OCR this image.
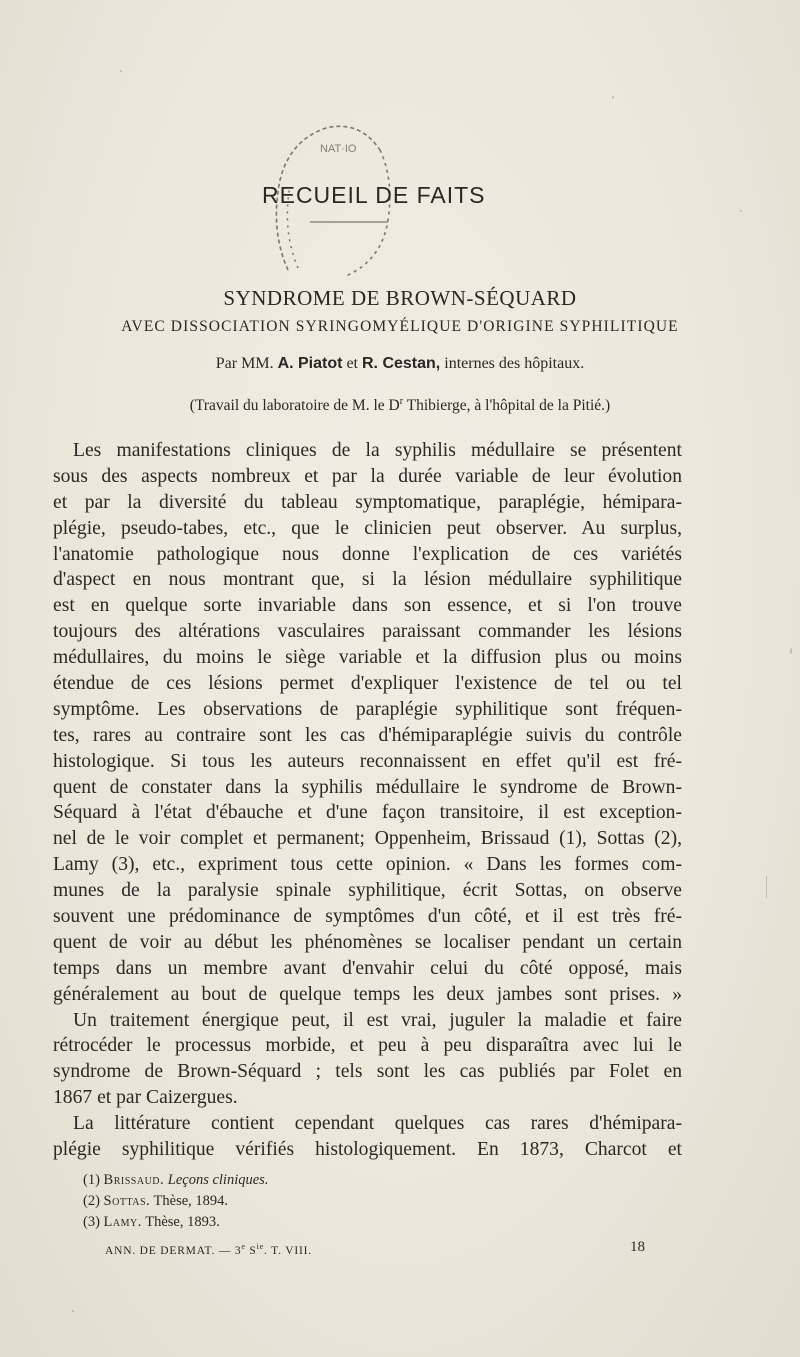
NAT·IO
RECUEIL DE FAITS
SYNDROME DE BROWN-SÉQUARD
AVEC DISSOCIATION SYRINGOMYÉLIQUE D'ORIGINE SYPHILITIQUE
Par MM. A. Piatot et R. Cestan, internes des hôpitaux.
(Travail du laboratoire de M. le $D^r$ Thibierge, à l'hôpital de la Pitié.)
Les manifestations cliniques de la syphilis médullaire se présentent
sous des aspects nombreux et par la durée variable de leur évolution
et par la diversité du tableau symptomatique, paraplégie, hémipara-
plégie, pseudo-tabes, etc., que le clinicien peut observer. Au surplus,
l'anatomie pathologique nous donne l'explication de ces variétés
d'aspect en nous montrant que, si la lésion médullaire syphilitique
est en quelque sorte invariable dans son essence, et si l'on trouve
toujours des altérations vasculaires paraissant commander les lésions
médullaires, du moins le siège variable et la diffusion plus ou moins
étendue de ces lésions permet d'expliquer l'existence de tel ou tel
symptôme. Les observations de paraplégie syphilitique sont fréquen-
tes, rares au contraire sont les cas d'hémiparaplégie suivis du contrôle
histologique. Si tous les auteurs reconnaissent en effet qu'il est fré-
quent de constater dans la syphilis médullaire le syndrome de Brown-
Séquard à l'état d'ébauche et d'une façon transitoire, il est exception-
nel de le voir complet et permanent; Oppenheim, Brissaud (1), Sottas (2),
Lamy (3), etc., expriment tous cette opinion. « Dans les formes com-
munes de la paralysie spinale syphilitique, écrit Sottas, on observe
souvent une prédominance de symptômes d'un côté, et il est très fré-
quent de voir au début les phénomènes se localiser pendant un certain
temps dans un membre avant d'envahir celui du côté opposé, mais
généralement au bout de quelque temps les deux jambes sont prises. »
Un traitement énergique peut, il est vrai, juguler la maladie et faire
rétrocéder le processus morbide, et peu à peu disparaîtra avec lui le
syndrome de Brown-Séquard ; tels sont les cas publiés par Folet en
1867 et par Caizergues.
La littérature contient cependant quelques cas rares d'hémipara-
plégie syphilitique vérifiés histologiquement. En 1873, Charcot et
(1) Brissaud. Leçons cliniques.
(2) Sottas. Thèse, 1894.
(3) Lamy. Thèse, 1893.
ANN. DE DERMAT. — 3e $S^{ie}$. T. VIII.	18
